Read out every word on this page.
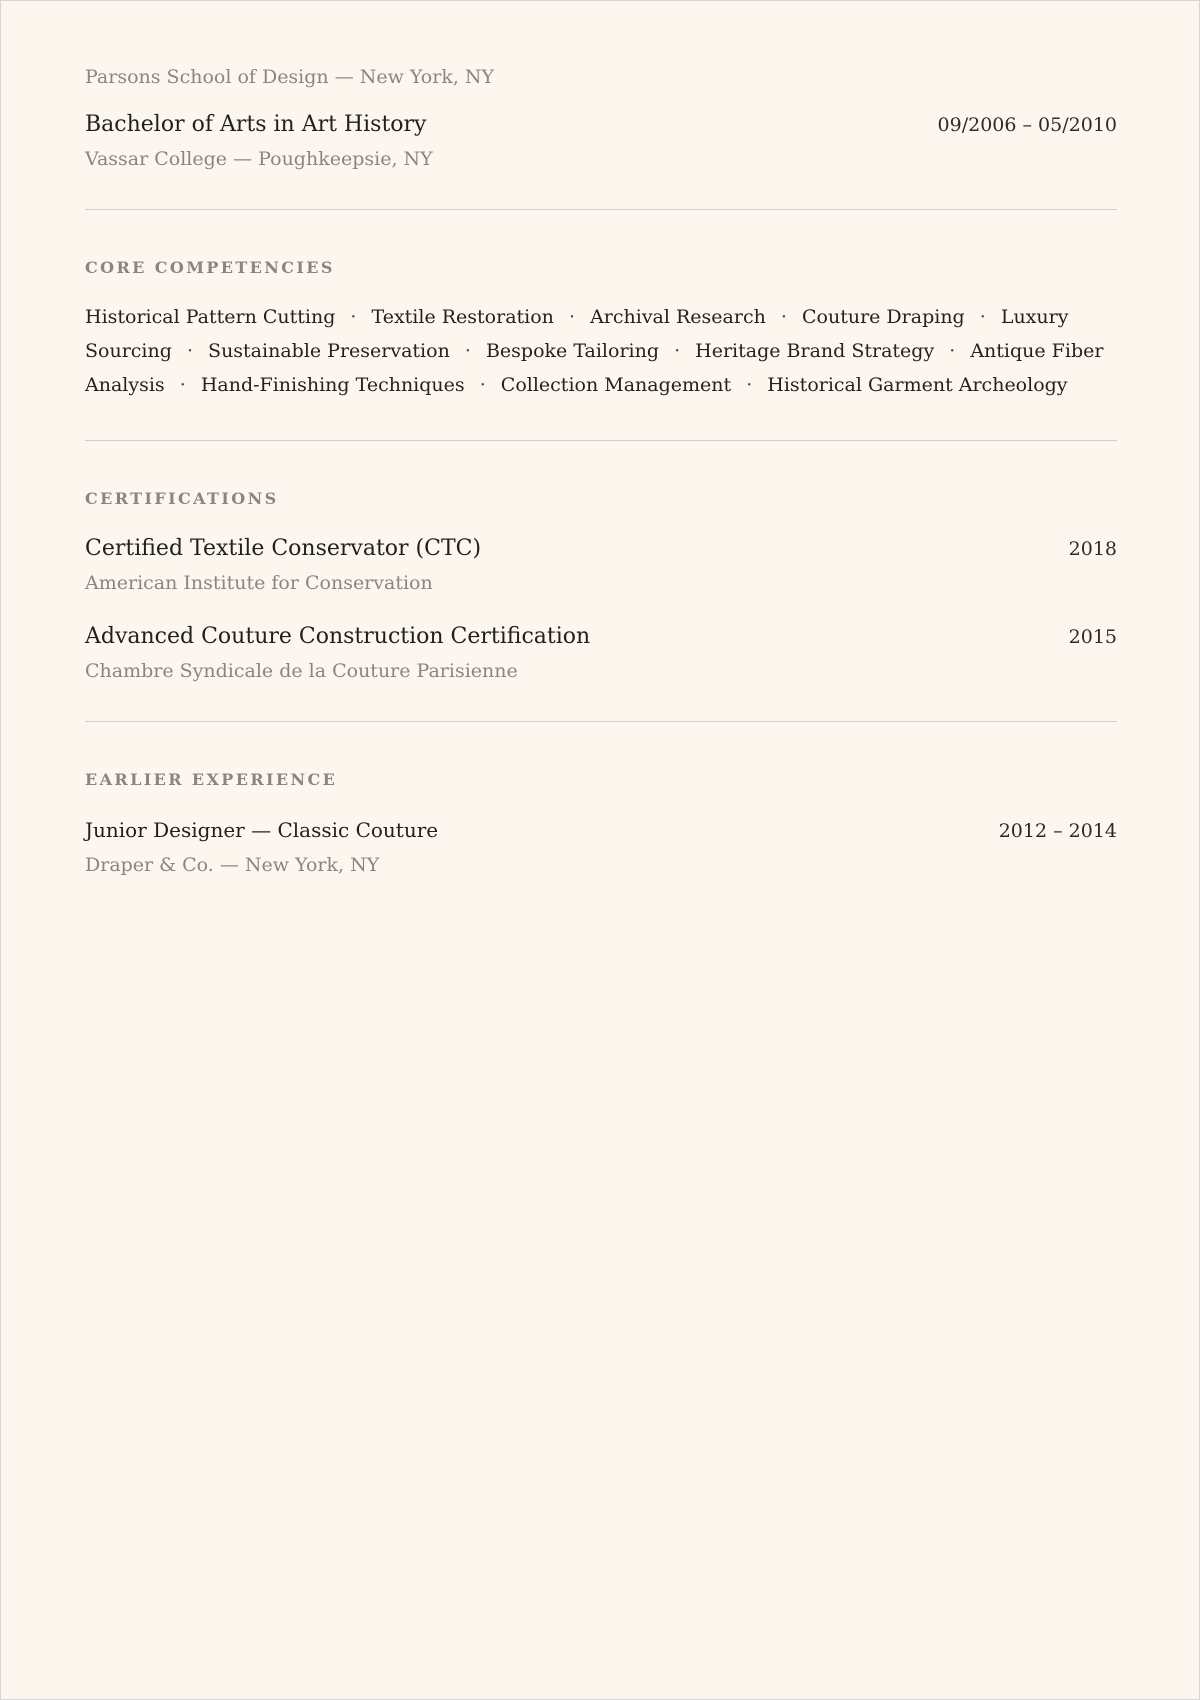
Parsons School of Design — New York, NY
Bachelor of Arts in Art History	09/2006 – 05/2010
Vassar College — Poughkeepsie, NY
CORE COMPETENCIES

Historical Pattern Cutting · Textile Restoration · Archival Research · Couture Draping · Luxury Sourcing · Sustainable Preservation · Bespoke Tailoring · Heritage Brand Strategy · Antique Fiber Analysis · Hand-Finishing Techniques · Collection Management · Historical Garment Archeology

CERTIFICATIONS
Certified Textile Conservator (CTC)	2018
American Institute for Conservation
Advanced Couture Construction Certification	2015
Chambre Syndicale de la Couture Parisienne
EARLIER EXPERIENCE
Junior Designer — Classic Couture	2012 – 2014
Draper & Co. — New York, NY
